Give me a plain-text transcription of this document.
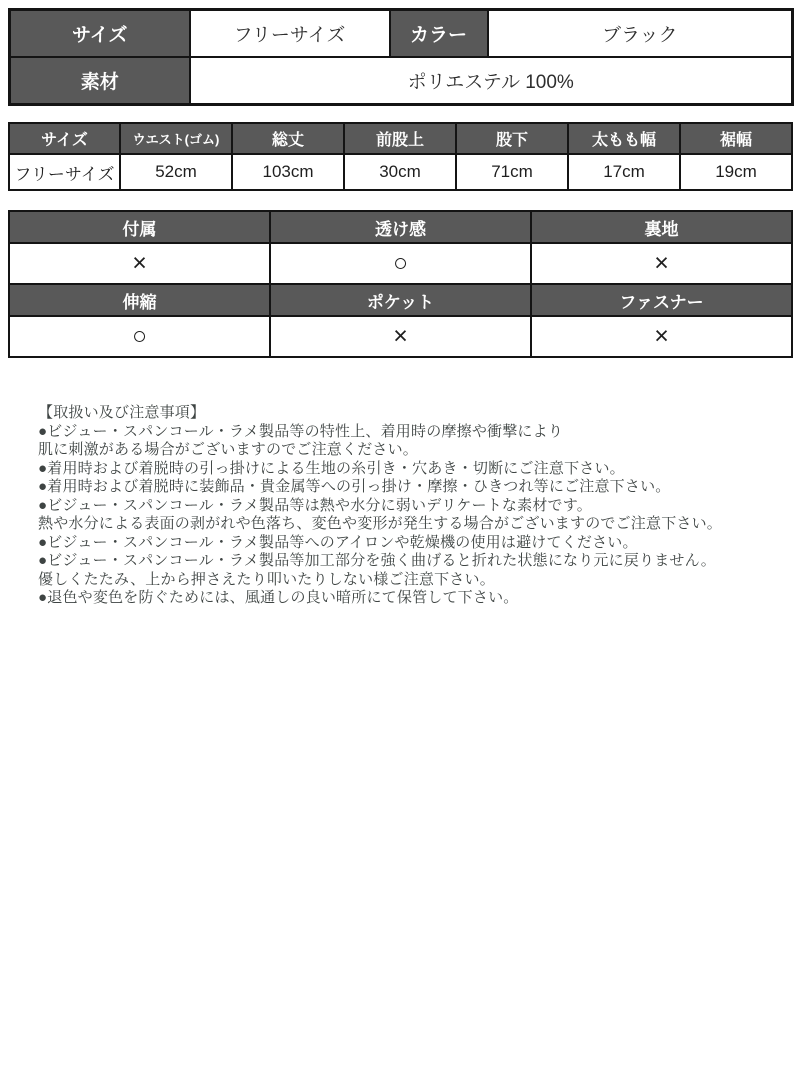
サイズ	フリーサイズ	カラー	ブラック
素材	ポリエステル 100%		
サイズ	ウエスト(ゴム)	総丈	前股上	股下	太もも幅	裾幅
フリーサイズ	52cm	103cm	30cm	71cm	17cm	19cm
付属	透け感	裏地
×	○	×
伸縮	ポケット	ファスナー
○	×	×
【取扱い及び注意事項】
●ビジュー・スパンコール・ラメ製品等の特性上、着用時の摩擦や衝撃により
肌に刺激がある場合がございますのでご注意ください。
●着用時および着脱時の引っ掛けによる生地の糸引き・穴あき・切断にご注意下さい。
●着用時および着脱時に装飾品・貴金属等への引っ掛け・摩擦・ひきつれ等にご注意下さい。
●ビジュー・スパンコール・ラメ製品等は熱や水分に弱いデリケートな素材です。
熱や水分による表面の剥がれや色落ち、変色や変形が発生する場合がございますのでご注意下さい。
●ビジュー・スパンコール・ラメ製品等へのアイロンや乾燥機の使用は避けてください。
●ビジュー・スパンコール・ラメ製品等加工部分を強く曲げると折れた状態になり元に戻りません。
優しくたたみ、上から押さえたり叩いたりしない様ご注意下さい。
●退色や変色を防ぐためには、風通しの良い暗所にて保管して下さい。
